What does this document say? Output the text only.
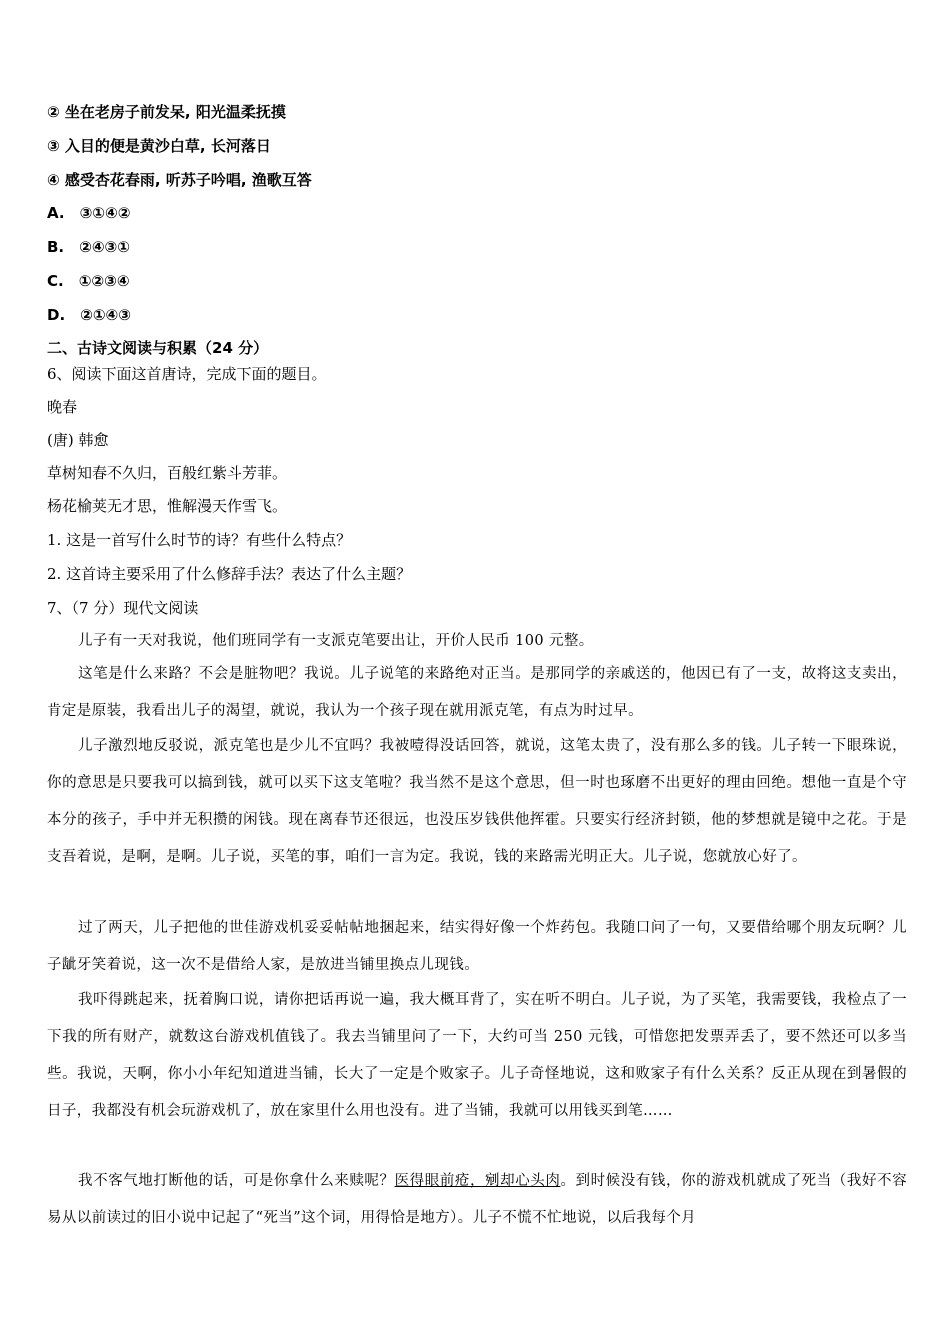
② 坐在老房子前发呆, 阳光温柔抚摸
③ 入目的便是黄沙白草, 长河落日
④ 感受杏花春雨, 听苏子吟唱, 渔歌互答
A.  ③①④②
B.  ②④③①
C.  ①②③④
D.  ②①④③
二、古诗文阅读与积累（24 分）
6、阅读下面这首唐诗，完成下面的题目。
晚春
(唐) 韩愈
草树知春不久归，百般红紫斗芳菲。
杨花榆荚无才思，惟解漫天作雪飞。
1. 这是一首写什么时节的诗？有些什么特点？
2. 这首诗主要采用了什么修辞手法？表达了什么主题？
7、（7 分）现代文阅读

儿子有一天对我说，他们班同学有一支派克笔要出让，开价人民币 100 元整。

这笔是什么来路？不会是脏物吧？我说。儿子说笔的来路绝对正当。是那同学的亲戚送的，他因已有了一支，故将这支卖出，肯定是原装，我看出儿子的渴望，就说，我认为一个孩子现在就用派克笔，有点为时过早。

儿子激烈地反驳说，派克笔也是少儿不宜吗？我被噎得没话回答，就说，这笔太贵了，没有那么多的钱。儿子转一下眼珠说，你的意思是只要我可以搞到钱，就可以买下这支笔啦？我当然不是这个意思，但一时也琢磨不出更好的理由回绝。想他一直是个守本分的孩子，手中并无积攒的闲钱。现在离春节还很远，也没压岁钱供他挥霍。只要实行经济封锁，他的梦想就是镜中之花。于是支吾着说，是啊，是啊。儿子说，买笔的事，咱们一言为定。我说，钱的来路需光明正大。儿子说，您就放心好了。

过了两天，儿子把他的世佳游戏机妥妥帖帖地捆起来，结实得好像一个炸药包。我随口问了一句，又要借给哪个朋友玩啊？儿子龇牙笑着说，这一次不是借给人家，是放进当铺里换点儿现钱。

我吓得跳起来，抚着胸口说，请你把话再说一遍，我大概耳背了，实在听不明白。儿子说，为了买笔，我需要钱，我检点了一下我的所有财产，就数这台游戏机值钱了。我去当铺里问了一下，大约可当 250 元钱，可惜您把发票弄丢了，要不然还可以多当些。我说，天啊，你小小年纪知道进当铺，长大了一定是个败家子。儿子奇怪地说，这和败家子有什么关系？反正从现在到暑假的日子，我都没有机会玩游戏机了，放在家里什么用也没有。进了当铺，我就可以用钱买到笔……

我不客气地打断他的话，可是你拿什么来赎呢？医得眼前疮，剜却心头肉。到时候没有钱，你的游戏机就成了死当（我好不容易从以前读过的旧小说中记起了“死当”这个词，用得恰是地方）。儿子不慌不忙地说，以后我每个月
